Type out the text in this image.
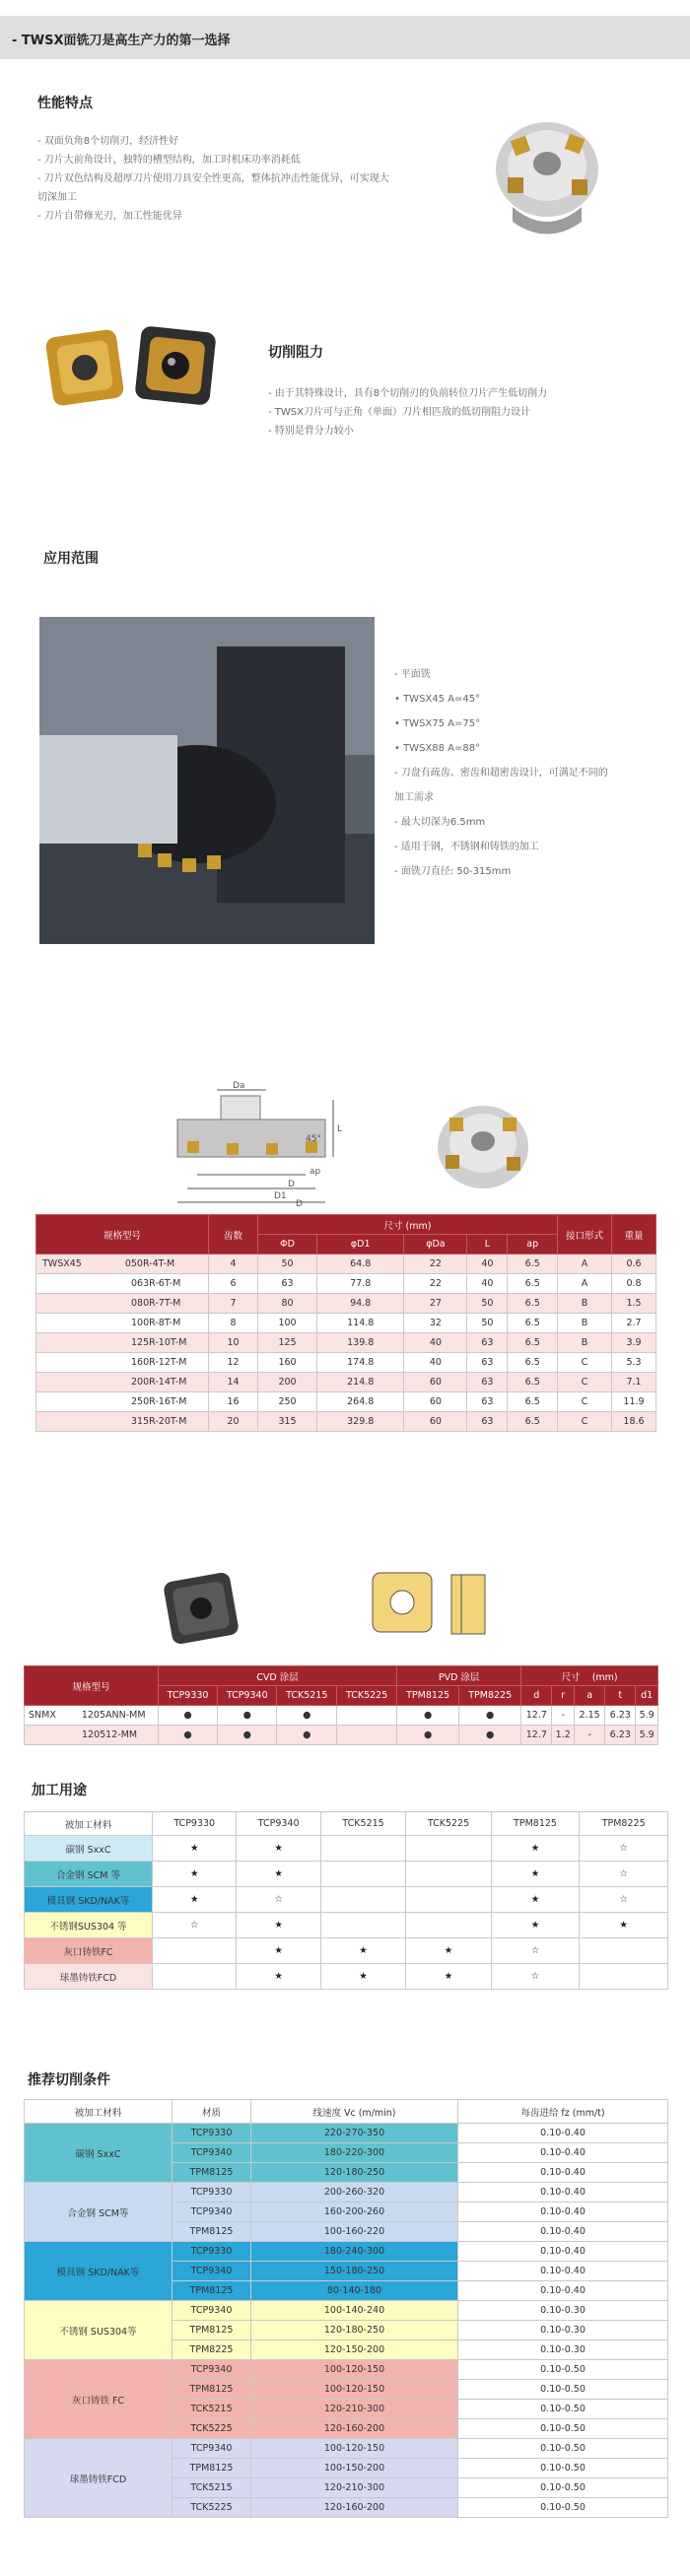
- TWSX面铣刀是高生产力的第一选择
性能特点
- 双面负角8个切削刃，经济性好
- 刀片大前角设计，独特的槽型结构，加工时机床功率消耗低
- 刀片双色结构及超厚刀片使用刀具安全性更高，整体抗冲击性能优异，可实现大
切深加工
- 刀片自带修光刃，加工性能优异
切削阻力
- 由于其特殊设计，具有8个切削刃的负前转位刀片产生低切削力
- TWSX刀片可与正角（单面）刀片相匹敌的低切削阻力设计
- 特别是背分力较小
应用范围
- 平面铣
• TWSX45 A=45°
• TWSX75 A=75°
• TWSX88 A=88°
- 刀盘有疏齿、密齿和超密齿设计，可满足不同的
加工需求
- 最大切深为6.5mm
- 适用于钢，不锈钢和铸铁的加工
- 面铣刀直径: 50-315mm
Da
45°
L
ap
D
D1
D
规格型号	齿数	尺寸 (mm)					接口形式	重量
		ΦD	φD1	φDa	L	ap		
TWSX45 050R-4T-M	4	50	64.8	22	40	6.5	A	0.6
063R-6T-M	6	63	77.8	22	40	6.5	A	0.8
080R-7T-M	7	80	94.8	27	50	6.5	B	1.5
100R-8T-M	8	100	114.8	32	50	6.5	B	2.7
125R-10T-M	10	125	139.8	40	63	6.5	B	3.9
160R-12T-M	12	160	174.8	40	63	6.5	C	5.3
200R-14T-M	14	200	214.8	60	63	6.5	C	7.1
250R-16T-M	16	250	264.8	60	63	6.5	C	11.9
315R-20T-M	20	315	329.8	60	63	6.5	C	18.6
规格型号	CVD 涂层				PVD 涂层		尺寸 (mm)				
	TCP9330	TCP9340	TCK5215	TCK5225	TPM8125	TPM8225	d	r	a	t	d1
SNMX 1205ANN-MM	●	●	●		●	●	12.7	-	2.15	6.23	5.9
120512-MM	●	●	●		●	●	12.7	1.2	-	6.23	5.9
加工用途
被加工材料	TCP9330	TCP9340	TCK5215	TCK5225	TPM8125	TPM8225
碳钢 SxxC	★	★			★	☆
合金钢 SCM 等	★	★			★	☆
模具钢 SKD/NAK等	★	☆			★	☆
不锈钢SUS304 等	☆	★			★	★
灰口铸铁FC		★	★	★	☆	
球墨铸铁FCD		★	★	★	☆	
推荐切削条件
被加工材料	材质	线速度 Vc (m/min)	每齿进给 fz (mm/t)
碳钢 SxxC	TCP9330	220-270-350	0.10-0.40
	TCP9340	180-220-300	0.10-0.40
	TPM8125	120-180-250	0.10-0.40
合金钢 SCM等	TCP9330	200-260-320	0.10-0.40
	TCP9340	160-200-260	0.10-0.40
	TPM8125	100-160-220	0.10-0.40
模具钢 SKD/NAK等	TCP9330	180-240-300	0.10-0.40
	TCP9340	150-180-250	0.10-0.40
	TPM8125	80-140-180	0.10-0.40
不锈钢 SUS304等	TCP9340	100-140-240	0.10-0.30
	TPM8125	120-180-250	0.10-0.30
	TPM8225	120-150-200	0.10-0.30
灰口铸铁 FC	TCP9340	100-120-150	0.10-0.50
	TPM8125	100-120-150	0.10-0.50
	TCK5215	120-210-300	0.10-0.50
	TCK5225	120-160-200	0.10-0.50
球墨铸铁FCD	TCP9340	100-120-150	0.10-0.50
	TPM8125	100-150-200	0.10-0.50
	TCK5215	120-210-300	0.10-0.50
	TCK5225	120-160-200	0.10-0.50
